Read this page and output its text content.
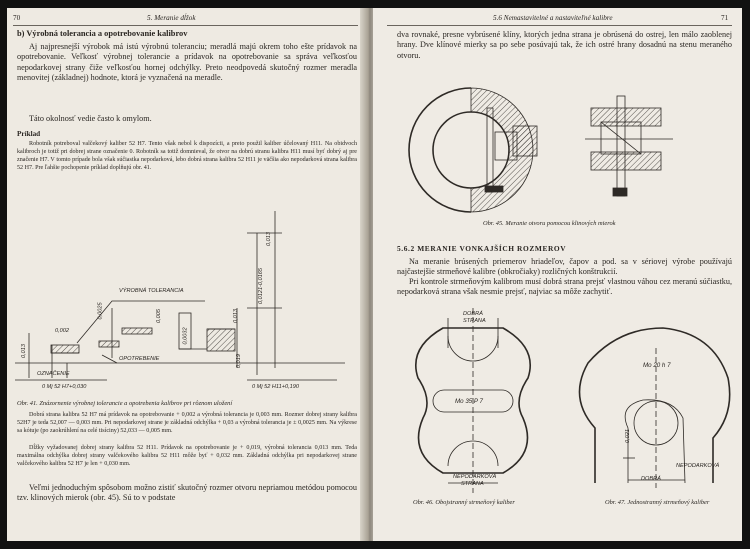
70	5. Meranie dĺžok
b) Výrobná tolerancia a opotrebovanie kalibrov
Aj najpresnejší výrobok má istú výrobnú toleranciu; meradlá majú okrem toho ešte prídavok na opotrebovanie. Veľkosť výrobnej tolerancie a prídavok na opotrebovanie sa správa veľkosťou nepodarkovej strany čiže veľkosťou hornej odchýlky. Preto neodpovedá skutočný rozmer meradla menovitej (základnej) hodnote, ktorá je vyznačená na meradle.
Táto okolnosť vedie často k omylom.
Príklad
Robotník potreboval valčekový kaliber 52 H7. Tento však nebol k dispozícii, a preto použil kaliber účelovaný H11. Na obidvoch kalibroch je totiž pri dobrej strane označenie 0. Robotník sa totiž domnieval, že otvor na dobrú stranu kalibra H11 musí byť dobrý aj pre značenie H7. V tomto prípade bola však súčiastka nepodarková, lebo dobrá strana kalibra 52 H11 je väčšia ako nepodarková strana kalibra 52 H7. Pre ľahšie pochopenie príklad doplňujú obr. 41.
VÝROBNÁ TOLERANCIA
OPOTREBENIE
OZNAČENIE
0 Mj 52 H7+0,030	0 Mj 52 H11+0,190
0,002
0,0025	0,005
0,0032
0,013
0,019
0,0121-0,0165
0,013
0,013
Obr. 41. Znázornenie výrobnej tolerancie a opotrebenia kalibrov pri rôznom uložení
Dobrá strana kalibra 52 H7 má prídavok na opotrebovanie + 0,002 a výrobná tolerancia je 0,003 mm. Rozmer dobrej strany kalibra 52H7 je teda 52,007 — 0,003 mm. Pri nepodarkovej strane je základná odchýlka + 0,03 a výrobná tolerancia je ± 0,0025 mm. Na výkrese sa kótuje (po zaokrúhlení na celé tisíciny) 52,033 — 0,005 mm.
Dĺžky vyžadovanej dobrej strany kalibra 52 H11. Prídavok na opotrebovanie je + 0,019, výrobná tolerancia 0,013 mm. Teda maximálna odchýlka dobrej strany valčekového kalibra 52 H11 môže byť + 0,032 mm. Základná odchýlka pri nepodarkovej strane valčekového kalibra 52 H7 je len + 0,030 mm.
Veľmi jednoduchým spôsobom možno zistiť skutočný rozmer otvoru nepriamou metódou pomocou tzv. klinových mierok (obr. 45). Sú to v podstate
5.6 Nemastavitelné a nastaviteľné kalibre	71
dva rovnaké, presne vybrúsené klíny, ktorých jedna strana je obrúsená do ostrej, len málo zaoblenej hrany. Dve klínové mierky sa po sebe posúvajú tak, že ich ostré hrany dosadnú na stenu meraného otvoru.
Obr. 45. Meranie otvoru pomocou klinových mierok
5.6.2 MERANIE VONKAJŠÍCH ROZMEROV
Na meranie brúsených priemerov hriadeľov, čapov a pod. sa v sériovej výrobe používajú najčastejšie strmeňové kalibre (obkročiaky) rozličných konštrukcií.
Pri kontrole strmeňovým kalibrom musí dobrá strana prejsť vlastnou váhou cez meranú súčiastku, nepodarková strana však nesmie prejsť, najviac sa môže zachytiť.
DOBRÁ
STRANA
Mo 35 P 7
NEPODARKOVÁ
STRANA
Mo 20 h 7
0,021
DOBRÁ
NEPODARKOVÁ
Obr. 46. Obojstranný strmeňový kaliber	Obr. 47. Jednostranný strmeňový kaliber
